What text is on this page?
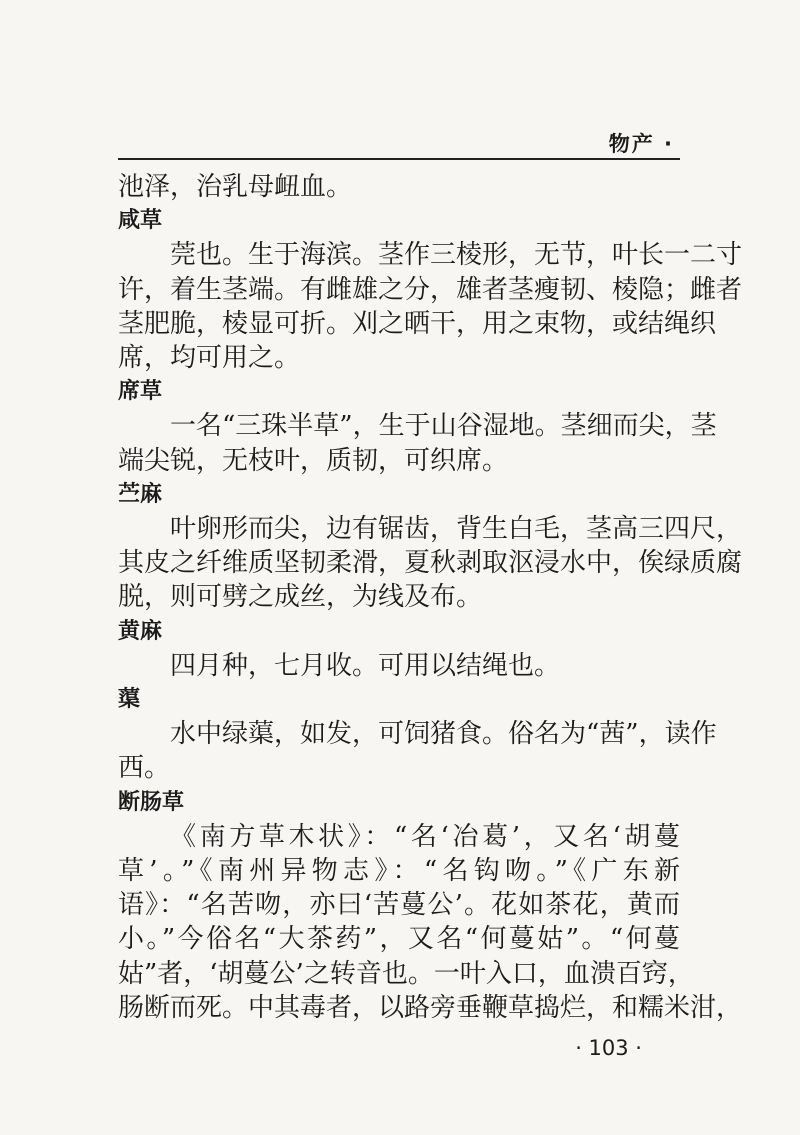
物产 ·
池泽，治乳母衄血。
咸草
莞也。生于海滨。茎作三棱形，无节，叶长一二寸
许，着生茎端。有雌雄之分，雄者茎瘦韧、棱隐；雌者
茎肥脆，棱显可折。刈之晒干，用之束物，或结绳织
席，均可用之。
席草
一名“三珠半草”，生于山谷湿地。茎细而尖，茎
端尖锐，无枝叶，质韧，可织席。
苎麻
叶卵形而尖，边有锯齿，背生白毛，茎高三四尺，
其皮之纤维质坚韧柔滑，夏秋剥取沤浸水中，俟绿质腐
脱，则可劈之成丝，为线及布。
黄麻
四月种，七月收。可用以结绳也。
蕖
水中绿蕖，如发，可饲猪食。俗名为“茜”，读作
西。
断肠草
《南方草木状》：“名‘冶葛’，又名‘胡蔓
草’。”《南州异物志》：“名钩吻。”《广东新
语》：“名苦吻，亦曰‘苦蔓公’。花如茶花，黄而
小。”今俗名“大茶药”，又名“何蔓姑”。“何蔓
姑”者，‘胡蔓公’之转音也。一叶入口，血溃百窍，
肠断而死。中其毒者，以路旁垂鞭草捣烂，和糯米泔，
· 103 ·
